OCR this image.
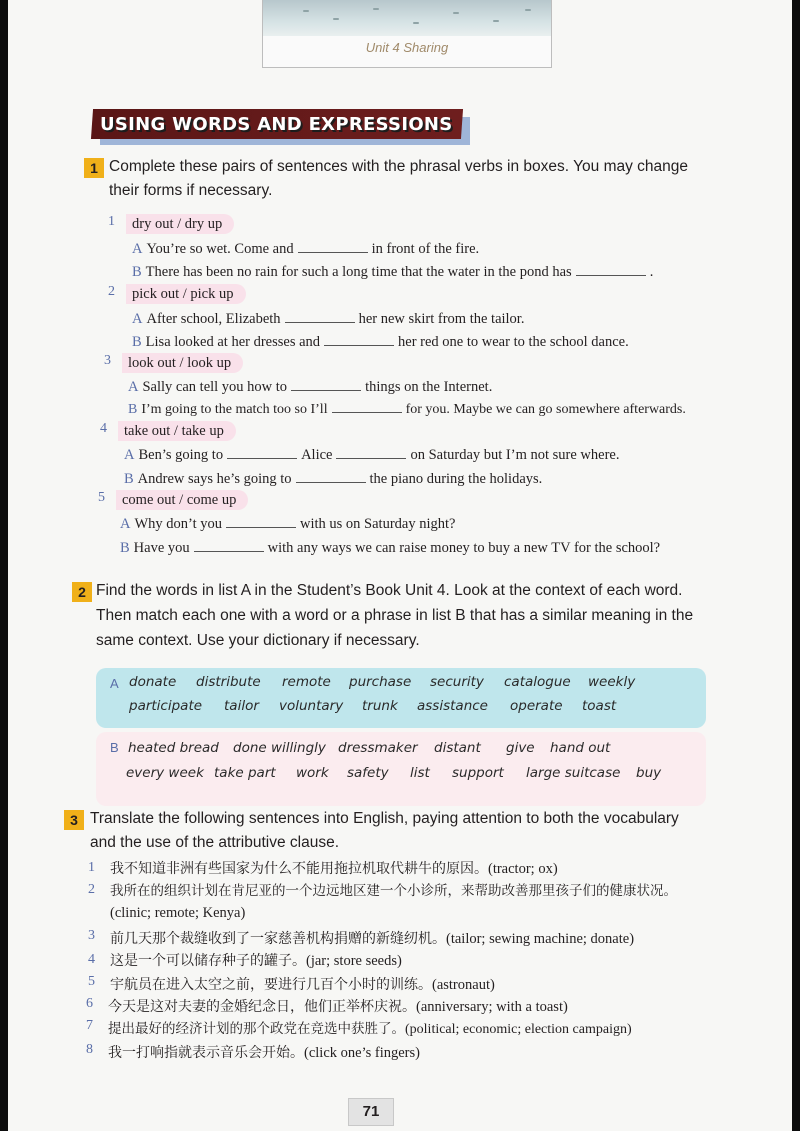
Unit 4 Sharing
USING WORDS AND EXPRESSIONS
1 Complete these pairs of sentences with the phrasal verbs in boxes. You may change
their forms if necessary.
1	dry out / dry up
A You’re so wet. Come and	in front of the fire.
B There has been no rain for such a long time that the water in the pond has	.
2	pick out / pick up
A After school, Elizabeth	her new skirt from the tailor.
B Lisa looked at her dresses and	her red one to wear to the school dance.
3	look out / look up
A Sally can tell you how to	things on the Internet.
B I’m going to the match too so I’ll	for you. Maybe we can go somewhere afterwards.
4	take out / take up
A Ben’s going to	Alice	on Saturday but I’m not sure where.
B Andrew says he’s going to	the piano during the holidays.
5	come out / come up
A Why don’t you	with us on Saturday night?
B Have you	with any ways we can raise money to buy a new TV for the school?
2 Find the words in list A in the Student’s Book Unit 4. Look at the context of each word.
Then match each one with a word or a phrase in list B that has a similar meaning in the
same context. Use your dictionary if necessary.
A donate distribute remote purchase security catalogue weekly
participate tailor voluntary trunk assistance operate toast
B heated bread done willingly dressmaker distant give hand out
every week take part work safety list support large suitcase buy
3 Translate the following sentences into English, paying attention to both the vocabulary
and the use of the attributive clause.
1 我不知道非洲有些国家为什么不能用拖拉机取代耕牛的原因。(tractor; ox)
2 我所在的组织计划在肯尼亚的一个边远地区建一个小诊所，来帮助改善那里孩子们的健康状况。
(clinic; remote; Kenya)
3 前几天那个裁缝收到了一家慈善机构捐赠的新缝纫机。(tailor; sewing machine; donate)
4 这是一个可以储存种子的罐子。(jar; store seeds)
5 宇航员在进入太空之前，要进行几百个小时的训练。(astronaut)
6 今天是这对夫妻的金婚纪念日，他们正举杯庆祝。(anniversary; with a toast)
7 提出最好的经济计划的那个政党在竞选中获胜了。(political; economic; election campaign)
8 我一打响指就表示音乐会开始。(click one’s fingers)
71
